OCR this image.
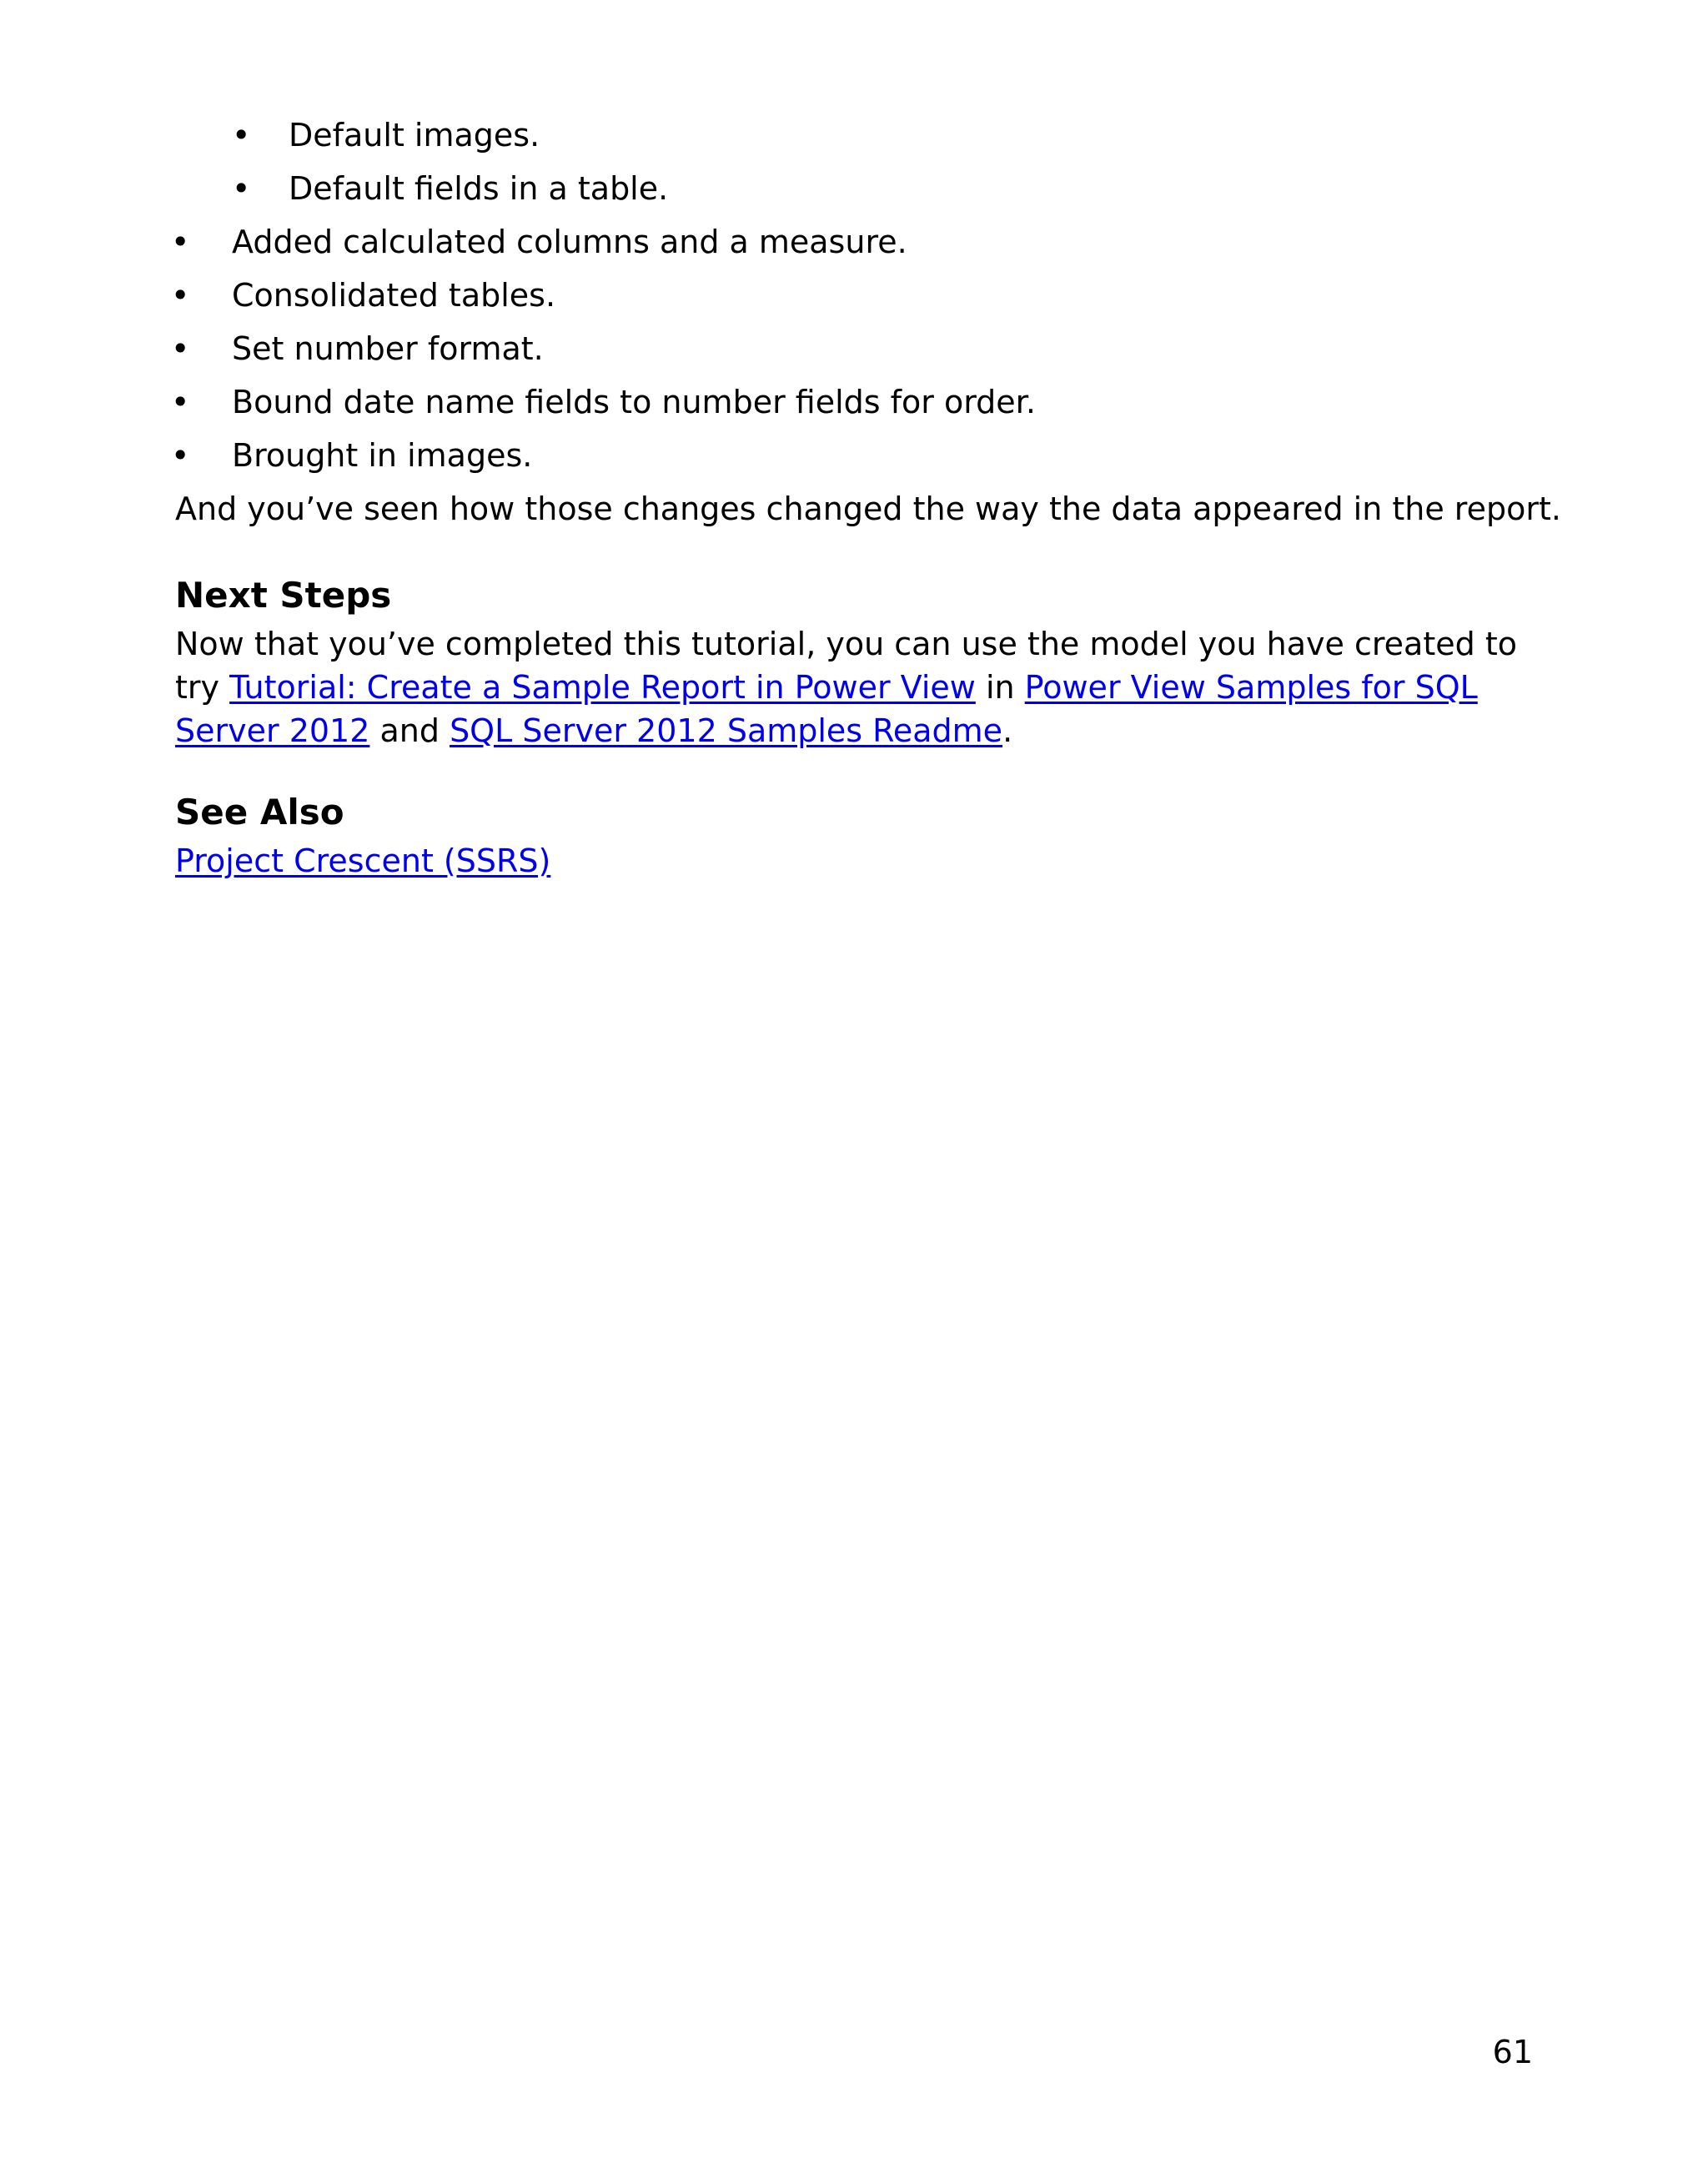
• Default images.
• Default fields in a table.
• Added calculated columns and a measure.
• Consolidated tables.
• Set number format.
• Bound date name fields to number fields for order.
• Brought in images.
And you’ve seen how those changes changed the way the data appeared in the report.
Next Steps
Now that you’ve completed this tutorial, you can use the model you have created to try Tutorial: Create a Sample Report in Power View in Power View Samples for SQL Server 2012 and SQL Server 2012 Samples Readme.
See Also
Project Crescent (SSRS)
61
